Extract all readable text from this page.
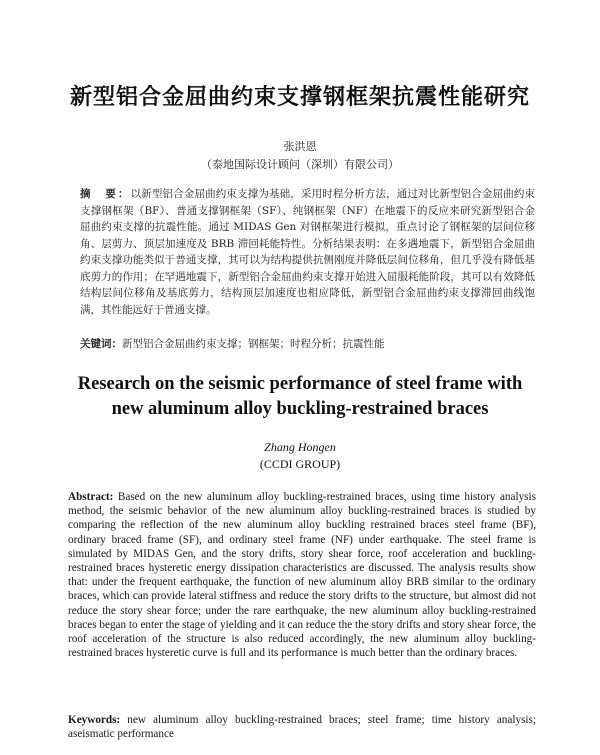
新型铝合金屈曲约束支撑钢框架抗震性能研究
张洪恩
（泰地国际设计顾问（深圳）有限公司）
摘　要：以新型铝合金屈曲约束支撑为基础，采用时程分析方法，通过对比新型铝合金屈曲约束支撑钢框架（BF）、普通支撑钢框架（SF）、纯钢框架（NF）在地震下的反应来研究新型铝合金屈曲约束支撑的抗震性能。通过 MIDAS Gen 对钢框架进行模拟，重点讨论了钢框架的层间位移角、层剪力、顶层加速度及 BRB 滞回耗能特性。分析结果表明：在多遇地震下，新型铝合金屈曲约束支撑功能类似于普通支撑，其可以为结构提供抗侧刚度并降低层间位移角，但几乎没有降低基底剪力的作用；在罕遇地震下，新型铝合金屈曲约束支撑开始进入屈服耗能阶段，其可以有效降低结构层间位移角及基底剪力，结构顶层加速度也相应降低，新型铝合金屈曲约束支撑滞回曲线饱满，其性能远好于普通支撑。
关键词：新型铝合金屈曲约束支撑；钢框架；时程分析；抗震性能
Research on the seismic performance of steel frame with new aluminum alloy buckling-restrained braces
Zhang Hongen
(CCDI GROUP)
Abstract: Based on the new aluminum alloy buckling-restrained braces, using time history analysis method, the seismic behavior of the new aluminum alloy buckling-restrained braces is studied by comparing the reflection of the new aluminum alloy buckling restrained braces steel frame (BF), ordinary braced frame (SF), and ordinary steel frame (NF) under earthquake. The steel frame is simulated by MIDAS Gen, and the story drifts, story shear force, roof acceleration and buckling-restrained braces hysteretic energy dissipation characteristics are discussed. The analysis results show that: under the frequent earthquake, the function of new aluminum alloy BRB similar to the ordinary braces, which can provide lateral stiffness and reduce the story drifts to the structure, but almost did not reduce the story shear force; under the rare earthquake, the new aluminum alloy buckling-restrained braces began to enter the stage of yielding and it can reduce the the story drifts and story shear force, the roof acceleration of the structure is also reduced accordingly, the new aluminum alloy buckling-restrained braces hysteretic curve is full and its performance is much better than the ordinary braces.
Keywords: new aluminum alloy buckling-restrained braces; steel frame; time history analysis; aseismatic performance
